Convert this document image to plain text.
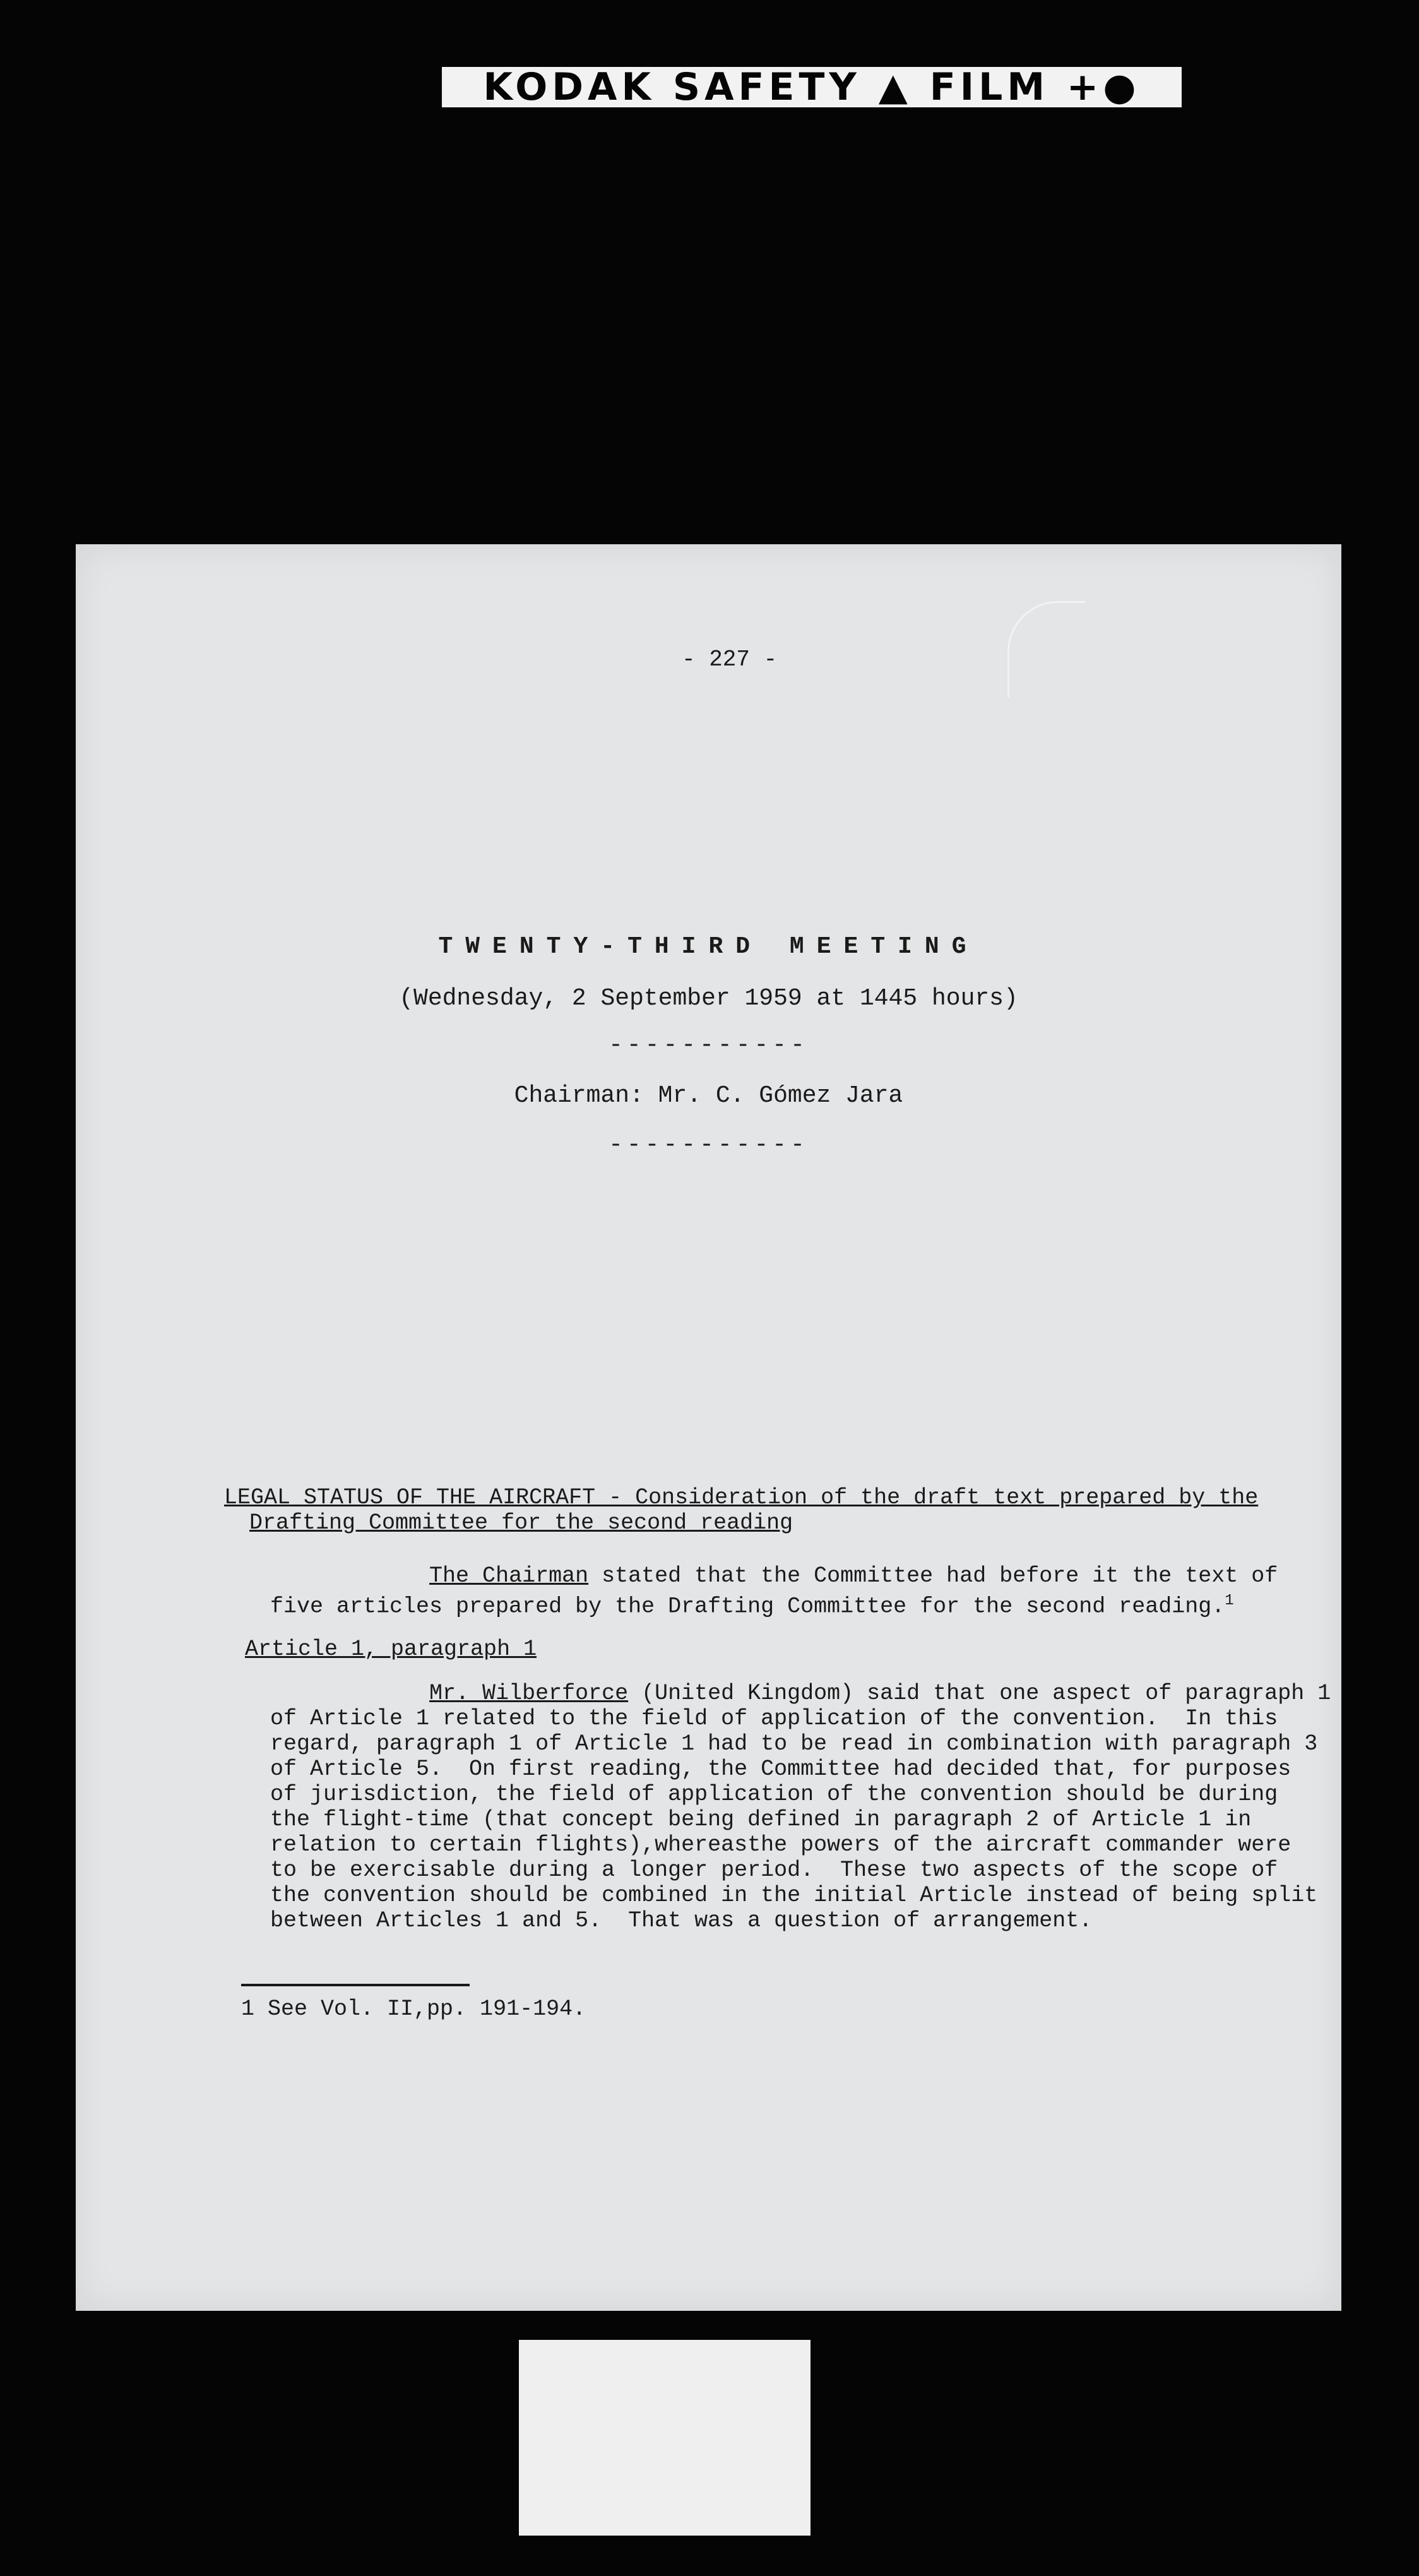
KODAK SAFETY ▲ FILM +●
- 227 -
TWENTY-THIRD MEETING
(Wednesday, 2 September 1959 at 1445 hours)
-----------
Chairman: Mr. C. Gómez Jara
-----------
LEGAL STATUS OF THE AIRCRAFT - Consideration of the draft text prepared by the
Drafting Committee for the second reading
The Chairman stated that the Committee had before it the text of
five articles prepared by the Drafting Committee for the second reading.$^1$
Article 1, paragraph 1
Mr. Wilberforce (United Kingdom) said that one aspect of paragraph 1
of Article 1 related to the field of application of the convention.  In this
regard, paragraph 1 of Article 1 had to be read in combination with paragraph 3
of Article 5.  On first reading, the Committee had decided that, for purposes
of jurisdiction, the field of application of the convention should be during
the flight-time (that concept being defined in paragraph 2 of Article 1 in
relation to certain flights),whereasthe powers of the aircraft commander were
to be exercisable during a longer period.  These two aspects of the scope of
the convention should be combined in the initial Article instead of being split
between Articles 1 and 5.  That was a question of arrangement.
1 See Vol. II,pp. 191-194.
